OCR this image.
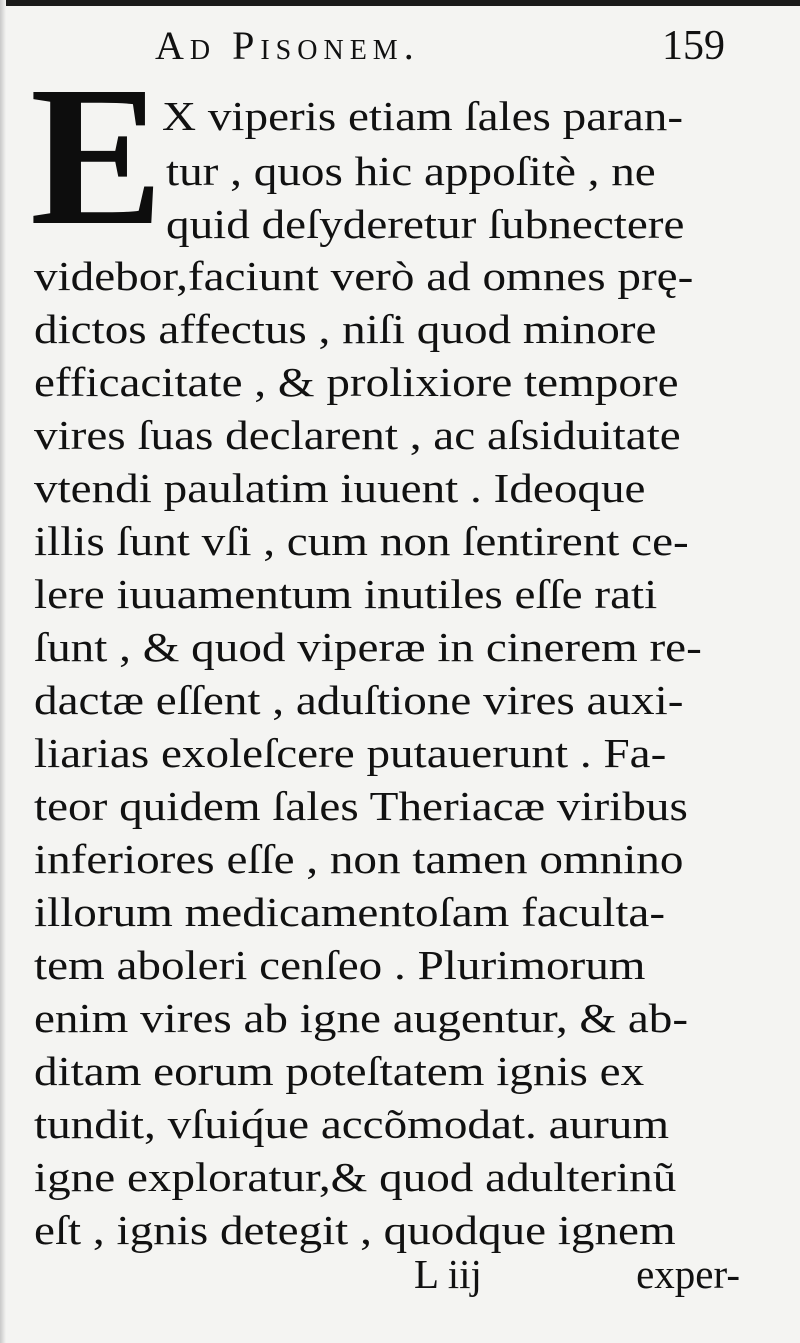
Ad Pisonem.	159
E
X viperis etiam ſales paran-
tur , quos hic appoſitè , ne
quid deſyderetur ſubnectere
videbor,faciunt verò ad omnes prę-
dictos affectus , niſi quod minore
efficacitate , & prolixiore tempore
vires ſuas declarent , ac aſsiduitate
vtendi paulatim iuuent . Ideoque
illis ſunt vſi , cum non ſentirent ce-
lere iuuamentum inutiles eſſe rati
ſunt , & quod viperæ in cinerem re-
dactæ eſſent , aduſtione vires auxi-
liarias exoleſcere putauerunt . Fa-
teor quidem ſales Theriacæ viribus
inferiores eſſe , non tamen omnino
illorum medicamentoſam faculta-
tem aboleri cenſeo . Plurimorum
enim vires ab igne augentur, & ab-
ditam eorum poteſtatem ignis ex
tundit, vſuiq́ue accõmodat. aurum
igne exploratur,& quod adulterinũ
eſt , ignis detegit , quodque ignem
L iij	exper-
